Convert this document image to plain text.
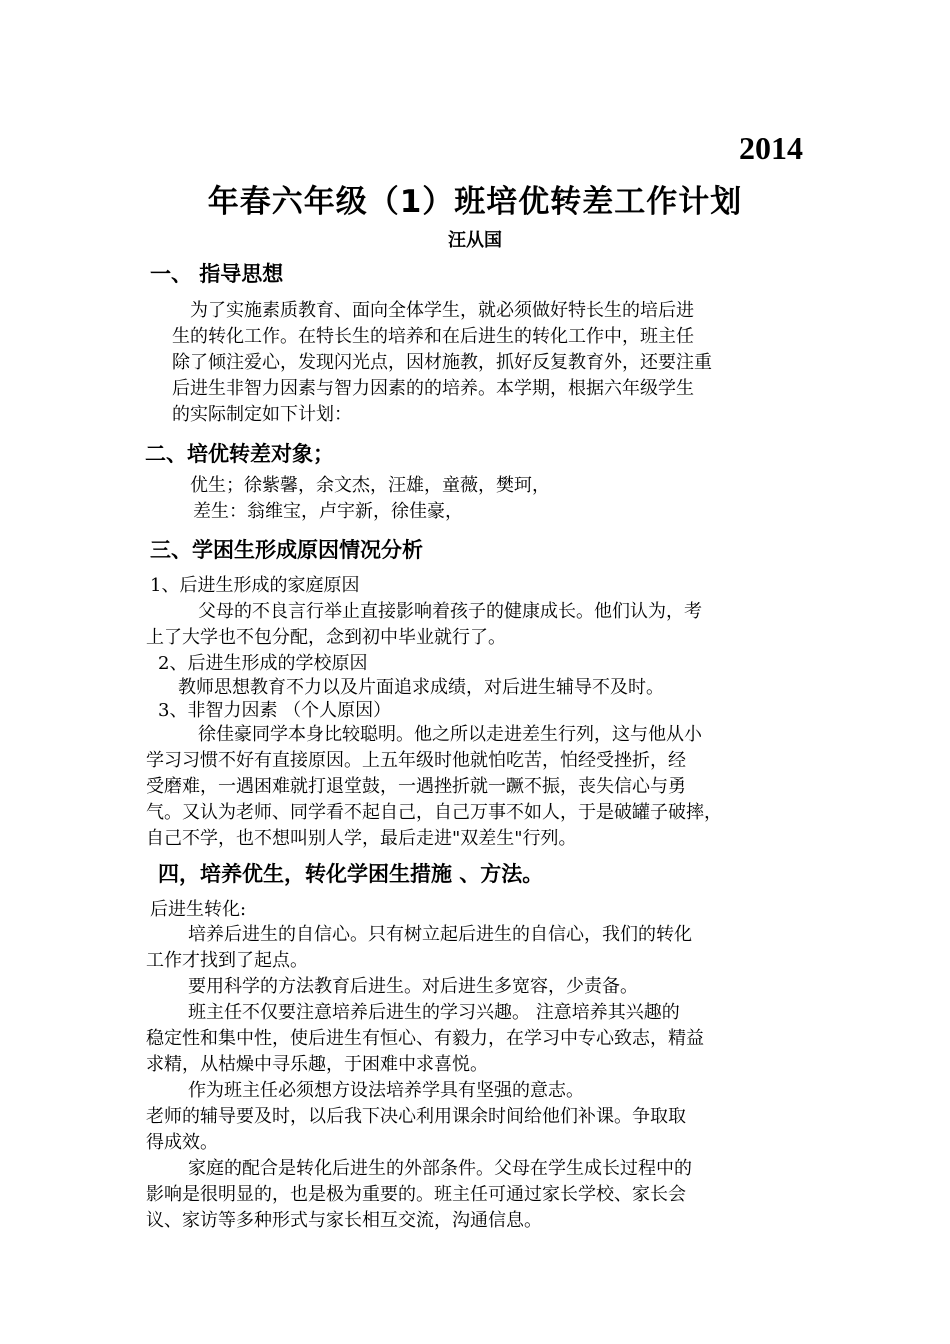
2014
年春六年级（1）班培优转差工作计划
汪从国
一、 指导思想
为了实施素质教育、面向全体学生，就必须做好特长生的培后进
生的转化工作。在特长生的培养和在后进生的转化工作中，班主任
除了倾注爱心，发现闪光点，因材施教，抓好反复教育外，还要注重
后进生非智力因素与智力因素的的培养。本学期，根据六年级学生
的实际制定如下计划：
二、培优转差对象；
优生；徐紫馨，余文杰，汪雄，童薇，樊珂，
差生：翁维宝，卢宇新，徐佳豪，
三、学困生形成原因情况分析
1、后进生形成的家庭原因
父母的不良言行举止直接影响着孩子的健康成长。他们认为，考
上了大学也不包分配，念到初中毕业就行了。
2、后进生形成的学校原因
教师思想教育不力以及片面追求成绩，对后进生辅导不及时。
3、非智力因素 （个人原因）
徐佳豪同学本身比较聪明。他之所以走进差生行列，这与他从小
学习习惯不好有直接原因。上五年级时他就怕吃苦，怕经受挫折，经
受磨难，一遇困难就打退堂鼓，一遇挫折就一蹶不振，丧失信心与勇
气。又认为老师、同学看不起自己，自己万事不如人，于是破罐子破摔，
自己不学，也不想叫别人学，最后走进"双差生"行列。
四，培养优生，转化学困生措施 、方法。
后进生转化:
培养后进生的自信心。只有树立起后进生的自信心，我们的转化
工作才找到了起点。
要用科学的方法教育后进生。对后进生多宽容，少责备。
班主任不仅要注意培养后进生的学习兴趣。 注意培养其兴趣的
稳定性和集中性，使后进生有恒心、有毅力，在学习中专心致志，精益
求精，从枯燥中寻乐趣，于困难中求喜悦。
作为班主任必须想方设法培养学具有坚强的意志。
老师的辅导要及时，以后我下决心利用课余时间给他们补课。争取取
得成效。
家庭的配合是转化后进生的外部条件。父母在学生成长过程中的
影响是很明显的，也是极为重要的。班主任可通过家长学校、家长会
议、家访等多种形式与家长相互交流，沟通信息。
